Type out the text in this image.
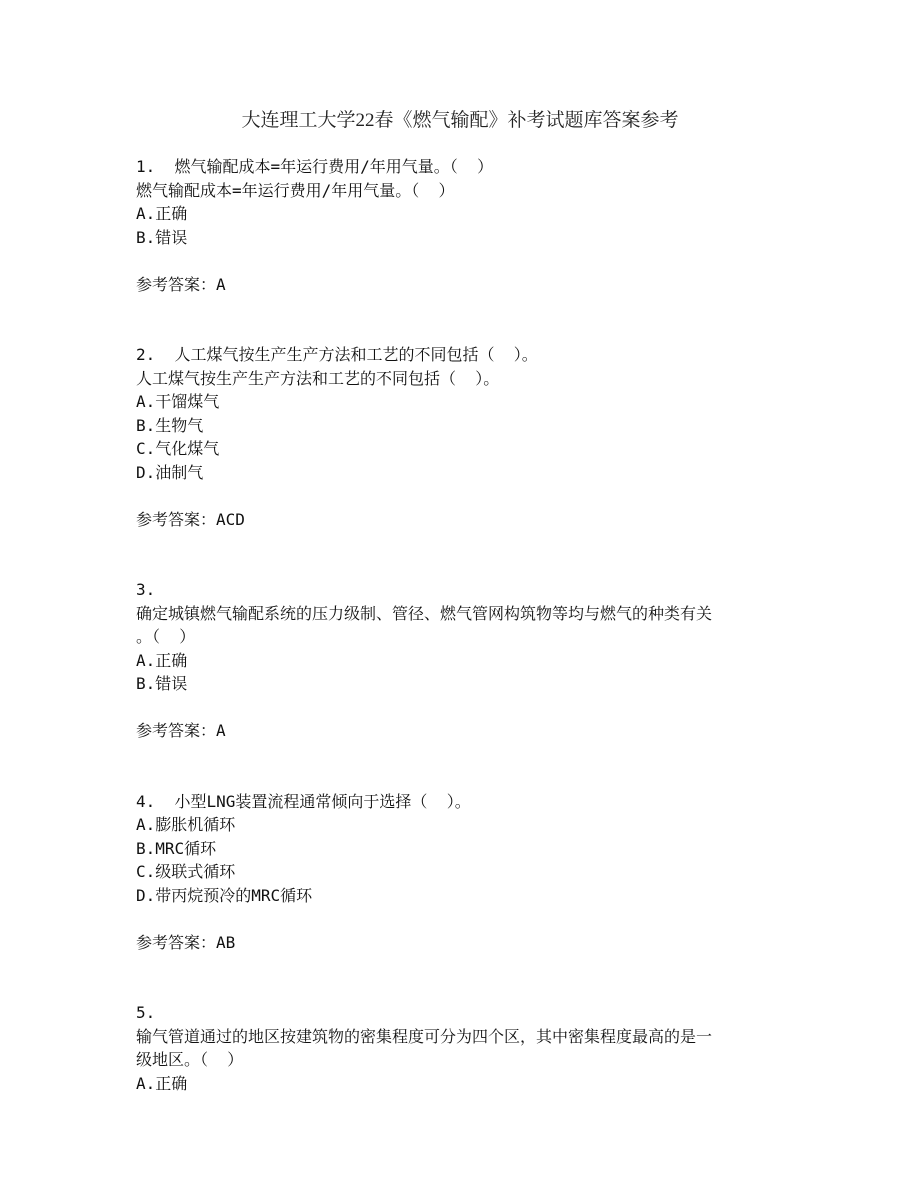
大连理工大学22春《燃气输配》补考试题库答案参考
1.  燃气输配成本=年运行费用/年用气量。（  ）
燃气输配成本=年运行费用/年用气量。（  ）
A.正确
B.错误
参考答案：A
2.  人工煤气按生产生产方法和工艺的不同包括（  ）。
人工煤气按生产生产方法和工艺的不同包括（  ）。
A.干馏煤气
B.生物气
C.气化煤气
D.油制气
参考答案：ACD
3.
确定城镇燃气输配系统的压力级制、管径、燃气管网构筑物等均与燃气的种类有关
。（  ）
A.正确
B.错误
参考答案：A
4.  小型LNG装置流程通常倾向于选择（  ）。
A.膨胀机循环
B.MRC循环
C.级联式循环
D.带丙烷预冷的MRC循环
参考答案：AB
5.
输气管道通过的地区按建筑物的密集程度可分为四个区，其中密集程度最高的是一
级地区。（  ）
A.正确
